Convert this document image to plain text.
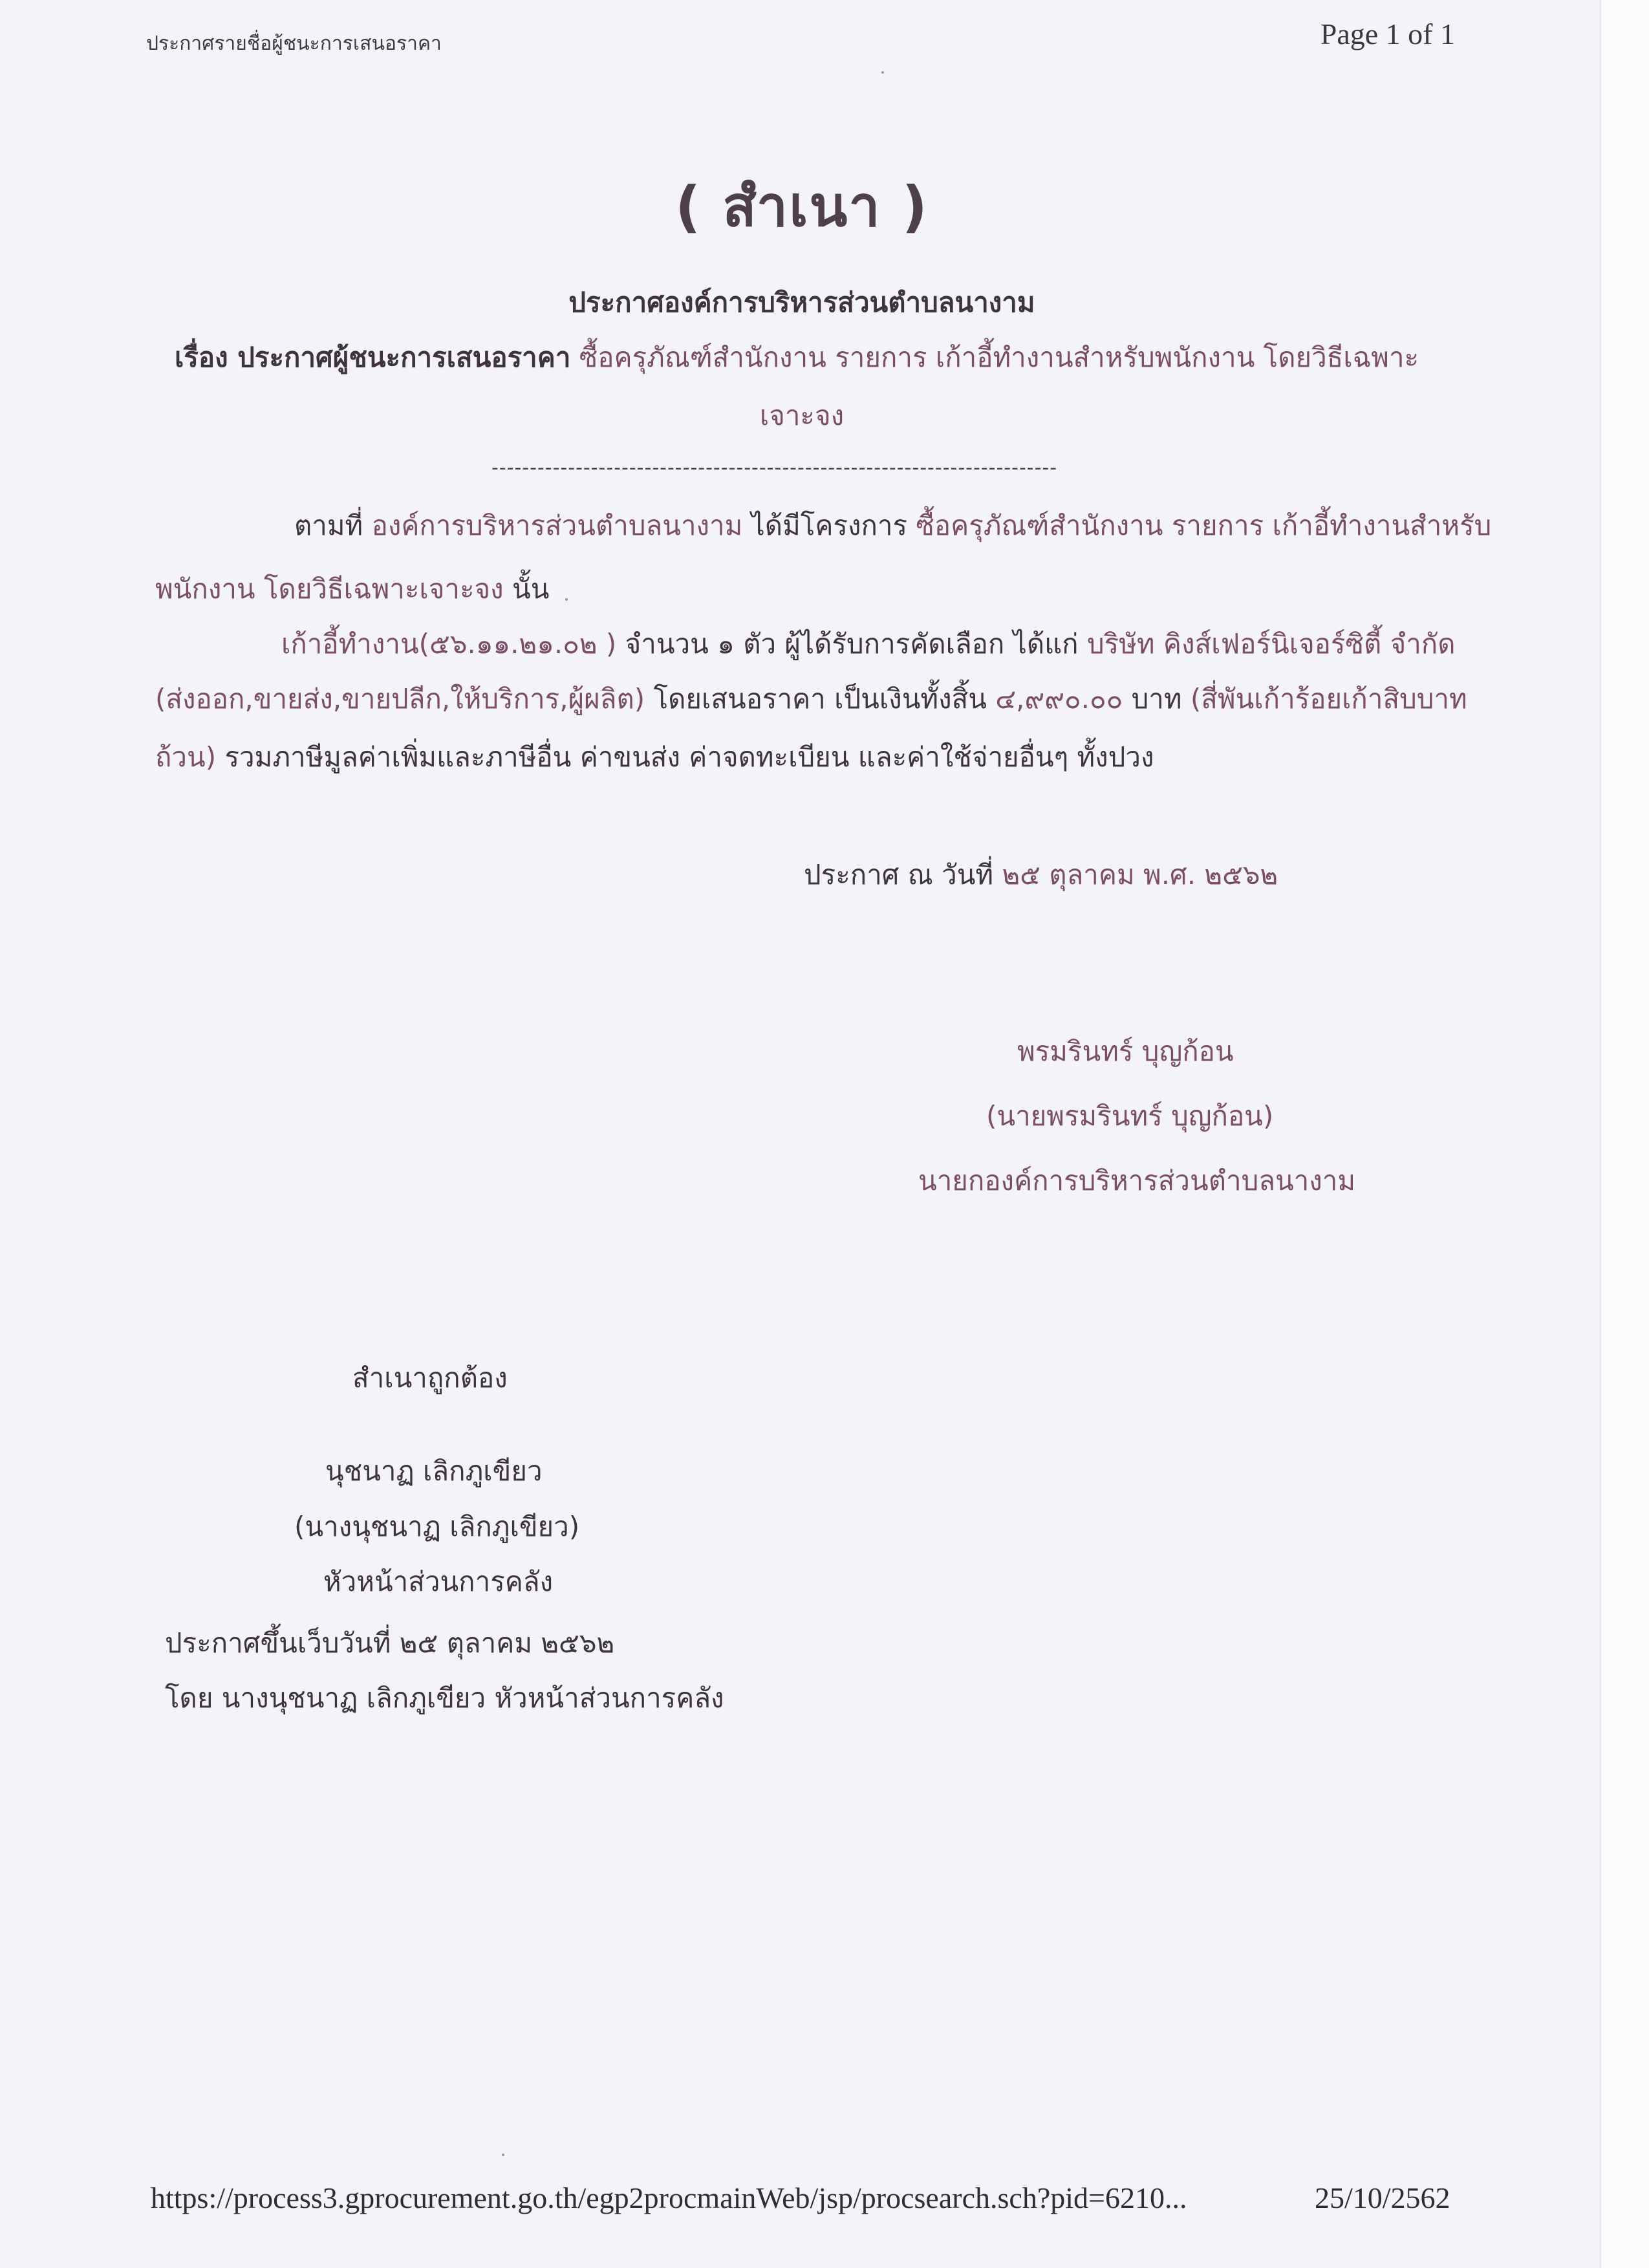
ประกาศรายชื่อผู้ชนะการเสนอราคา	Page 1 of 1
( สำเนา )
ประกาศองค์การบริหารส่วนตำบลนางาม
เรื่อง ประกาศผู้ชนะการเสนอราคา ซื้อครุภัณฑ์สำนักงาน รายการ เก้าอี้ทำงานสำหรับพนักงาน โดยวิธีเฉพาะ
เจาะจง
--------------------------------------------------------------------------
ตามที่ องค์การบริหารส่วนตำบลนางาม ได้มีโครงการ ซื้อครุภัณฑ์สำนักงาน รายการ เก้าอี้ทำงานสำหรับ
พนักงาน โดยวิธีเฉพาะเจาะจง นั้น
เก้าอี้ทำงาน(๕๖.๑๑.๒๑.๐๒ ) จำนวน ๑ ตัว ผู้ได้รับการคัดเลือก ได้แก่ บริษัท คิงส์เฟอร์นิเจอร์ซิตี้ จำกัด
(ส่งออก,ขายส่ง,ขายปลีก,ให้บริการ,ผู้ผลิต) โดยเสนอราคา เป็นเงินทั้งสิ้น ๔,๙๙๐.๐๐ บาท (สี่พันเก้าร้อยเก้าสิบบาท
ถ้วน) รวมภาษีมูลค่าเพิ่มและภาษีอื่น ค่าขนส่ง ค่าจดทะเบียน และค่าใช้จ่ายอื่นๆ ทั้งปวง
ประกาศ ณ วันที่ ๒๕ ตุลาคม พ.ศ. ๒๕๖๒
พรมรินทร์ บุญก้อน
(นายพรมรินทร์ บุญก้อน)
นายกองค์การบริหารส่วนตำบลนางาม
สำเนาถูกต้อง
นุชนาฏ เลิกภูเขียว
(นางนุชนาฏ เลิกภูเขียว)
หัวหน้าส่วนการคลัง
ประกาศขึ้นเว็บวันที่ ๒๕ ตุลาคม ๒๕๖๒
โดย นางนุชนาฏ เลิกภูเขียว หัวหน้าส่วนการคลัง
https://process3.gprocurement.go.th/egp2procmainWeb/jsp/procsearch.sch?pid=6210...	25/10/2562
